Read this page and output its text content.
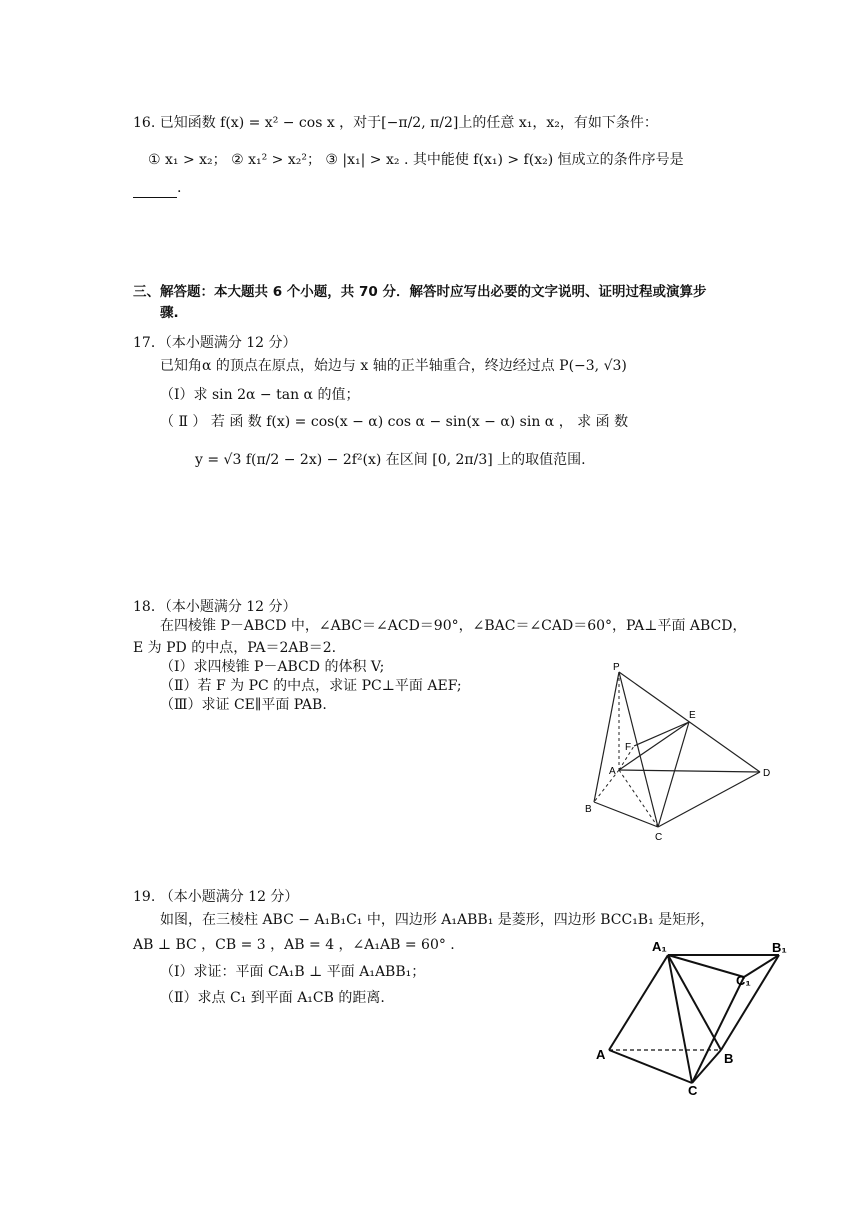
16. 已知函数 f(x) = x² − cos x ，对于[−π/2, π/2]上的任意 x₁，x₂，有如下条件：
① x₁ > x₂； ② x₁² > x₂²； ③ |x₁| > x₂ . 其中能使 f(x₁) > f(x₂) 恒成立的条件序号是
.
三、解答题：本大题共 6 个小题，共 70 分．解答时应写出必要的文字说明、证明过程或演算步
骤.
17．（本小题满分 12 分）
已知角α 的顶点在原点，始边与 x 轴的正半轴重合，终边经过点 P(−3, √3)
（Ⅰ）求 sin 2α − tan α 的值；
（ Ⅱ ） 若 函 数 f(x) = cos(x − α) cos α − sin(x − α) sin α ， 求 函 数
y = √3 f(π/2 − 2x) − 2f²(x) 在区间 [0, 2π/3] 上的取值范围.
18．（本小题满分 12 分）
在四棱锥 P－ABCD 中，∠ABC＝∠ACD＝90°，∠BAC＝∠CAD＝60°，PA⊥平面 ABCD，
E 为 PD 的中点，PA＝2AB＝2.
（Ⅰ）求四棱锥 P－ABCD 的体积 V;
（Ⅱ）若 F 为 PC 的中点，求证 PC⊥平面 AEF;
（Ⅲ）求证 CE∥平面 PAB.
P
E
F
A	D
B
C
19. （本小题满分 12 分）
如图，在三棱柱 ABC − A₁B₁C₁ 中，四边形 A₁ABB₁ 是菱形，四边形 BCC₁B₁ 是矩形，
AB ⊥ BC ，CB = 3 ，AB = 4 ，∠A₁AB = 60° .
（Ⅰ）求证：平面 CA₁B ⊥ 平面 A₁ABB₁；
（Ⅱ）求点 C₁ 到平面 A₁CB 的距离.
A₁	B₁
C₁
A	B
C
